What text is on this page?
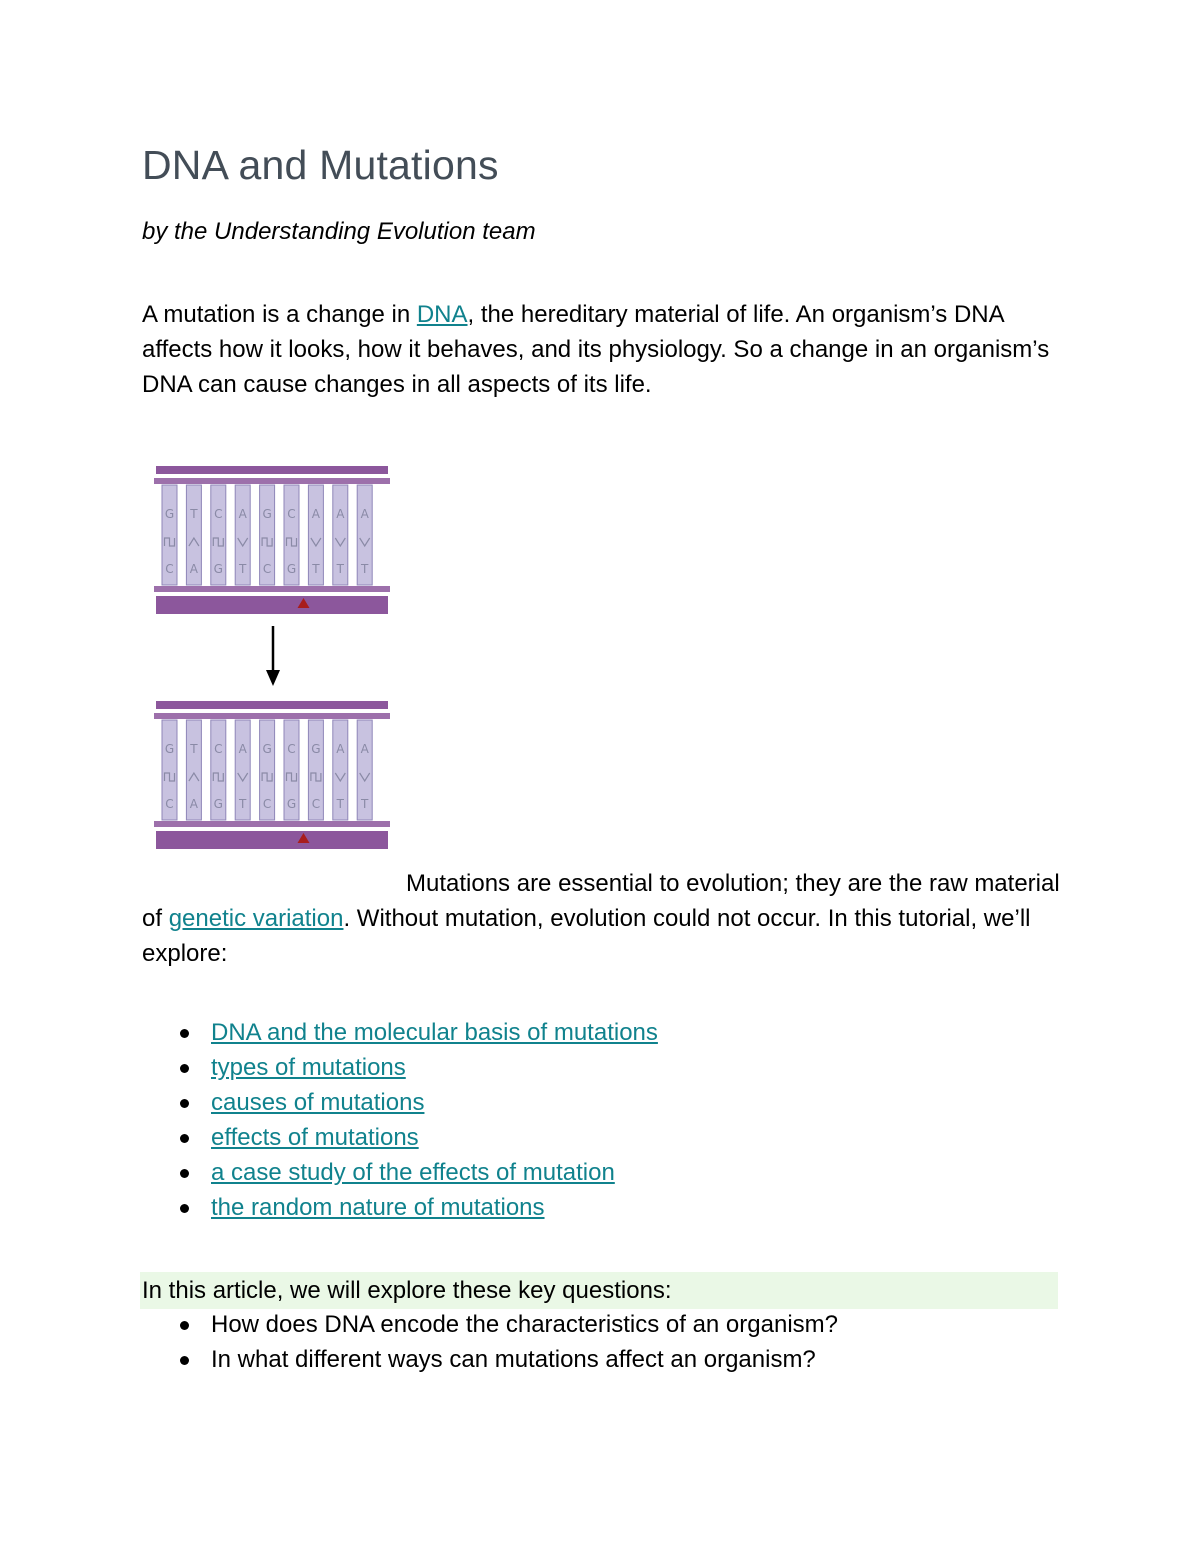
DNA and Mutations

by the Understanding Evolution team

A mutation is a change in DNA, the hereditary material of life. An organism’s DNA affects how it looks, how it behaves, and its physiology. So a change in an organism’s DNA can cause changes in all aspects of its life.

G
C
T
A
C
G
A
T
G
C
C
G
A
T
A
T
A
T
G
C
T
A
C
G
A
T
G
C
C
G
G
C
A
T
A
T

Mutations are essential to evolution; they are the raw material of genetic variation. Without mutation, evolution could not occur. In this tutorial, we’ll explore:

DNA and the molecular basis of mutations
types of mutations
causes of mutations
effects of mutations
a case study of the effects of mutation
the random nature of mutations

In this article, we will explore these key questions:

How does DNA encode the characteristics of an organism?
In what different ways can mutations affect an organism?
